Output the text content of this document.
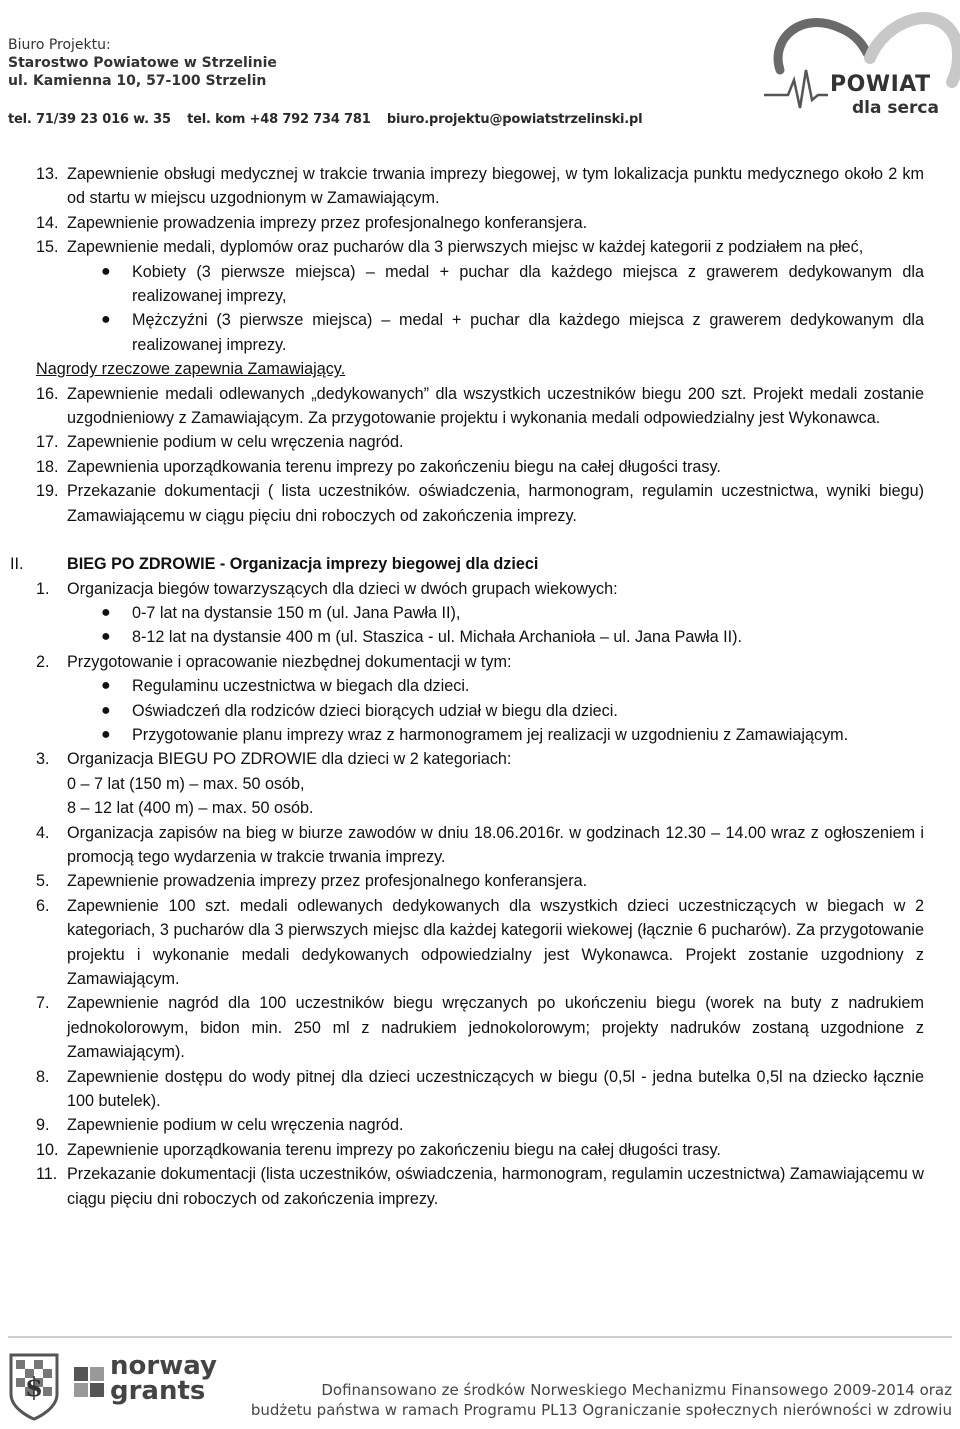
Biuro Projektu:
Starostwo Powiatowe w Strzelinie
ul. Kamienna 10, 57-100 Strzelin
tel. 71/39 23 016 w. 35 tel. kom +48 792 734 781 biuro.projektu@powiatstrzelinski.pl
POWIAT
dla serca
13. Zapewnienie obsługi medycznej w trakcie trwania imprezy biegowej, w tym lokalizacja punktu medycznego około 2 km od startu w miejscu uzgodnionym w Zamawiającym.
14. Zapewnienie prowadzenia imprezy przez profesjonalnego konferansjera.
15. Zapewnienie medali, dyplomów oraz pucharów dla 3 pierwszych miejsc w każdej kategorii z podziałem na płeć,
● Kobiety (3 pierwsze miejsca) – medal + puchar dla każdego miejsca z grawerem dedykowanym dla realizowanej imprezy,
● Mężczyźni (3 pierwsze miejsca) – medal + puchar dla każdego miejsca z grawerem dedykowanym dla realizowanej imprezy.
Nagrody rzeczowe zapewnia Zamawiający.
16. Zapewnienie medali odlewanych „dedykowanych” dla wszystkich uczestników biegu 200 szt. Projekt medali zostanie uzgodnieniowy z Zamawiającym. Za przygotowanie projektu i wykonania medali odpowiedzialny jest Wykonawca.
17. Zapewnienie podium w celu wręczenia nagród.
18. Zapewnienia uporządkowania terenu imprezy po zakończeniu biegu na całej długości trasy.
19. Przekazanie dokumentacji ( lista uczestników. oświadczenia, harmonogram, regulamin uczestnictwa, wyniki biegu) Zamawiającemu w ciągu pięciu dni roboczych od zakończenia imprezy.
II.	BIEG PO ZDROWIE - Organizacja imprezy biegowej dla dzieci
1. Organizacja biegów towarzyszących dla dzieci w dwóch grupach wiekowych:
● 0-7 lat na dystansie 150 m (ul. Jana Pawła II),
● 8-12 lat na dystansie 400 m (ul. Staszica - ul. Michała Archanioła – ul. Jana Pawła II).
2. Przygotowanie i opracowanie niezbędnej dokumentacji w tym:
● Regulaminu uczestnictwa w biegach dla dzieci.
● Oświadczeń dla rodziców dzieci biorących udział w biegu dla dzieci.
● Przygotowanie planu imprezy wraz z harmonogramem jej realizacji w uzgodnieniu z Zamawiającym.
3. Organizacja BIEGU PO ZDROWIE dla dzieci w 2 kategoriach:
0 – 7 lat (150 m) – max. 50 osób,
8 – 12 lat (400 m) – max. 50 osób.
4. Organizacja zapisów na bieg w biurze zawodów w dniu 18.06.2016r. w godzinach 12.30 – 14.00 wraz z ogłoszeniem i promocją tego wydarzenia w trakcie trwania imprezy.
5. Zapewnienie prowadzenia imprezy przez profesjonalnego konferansjera.
6. Zapewnienie 100 szt. medali odlewanych dedykowanych dla wszystkich dzieci uczestniczących w biegach w 2 kategoriach, 3 pucharów dla 3 pierwszych miejsc dla każdej kategorii wiekowej (łącznie 6 pucharów). Za przygotowanie projektu i wykonanie medali dedykowanych odpowiedzialny jest Wykonawca. Projekt zostanie uzgodniony z Zamawiającym.
7. Zapewnienie nagród dla 100 uczestników biegu wręczanych po ukończeniu biegu (worek na buty z nadrukiem jednokolorowym, bidon min. 250 ml z nadrukiem jednokolorowym; projekty nadruków zostaną uzgodnione z Zamawiającym).
8. Zapewnienie dostępu do wody pitnej dla dzieci uczestniczących w biegu (0,5l - jedna butelka 0,5l na dziecko łącznie 100 butelek).
9. Zapewnienie podium w celu wręczenia nagród.
10. Zapewnienie uporządkowania terenu imprezy po zakończeniu biegu na całej długości trasy.
11. Przekazanie dokumentacji (lista uczestników, oświadczenia, harmonogram, regulamin uczestnictwa) Zamawiającemu w ciągu pięciu dni roboczych od zakończenia imprezy.
$
norway
grants	Dofinansowano ze środków Norweskiego Mechanizmu Finansowego 2009-2014 oraz
budżetu państwa w ramach Programu PL13 Ograniczanie społecznych nierówności w zdrowiu
